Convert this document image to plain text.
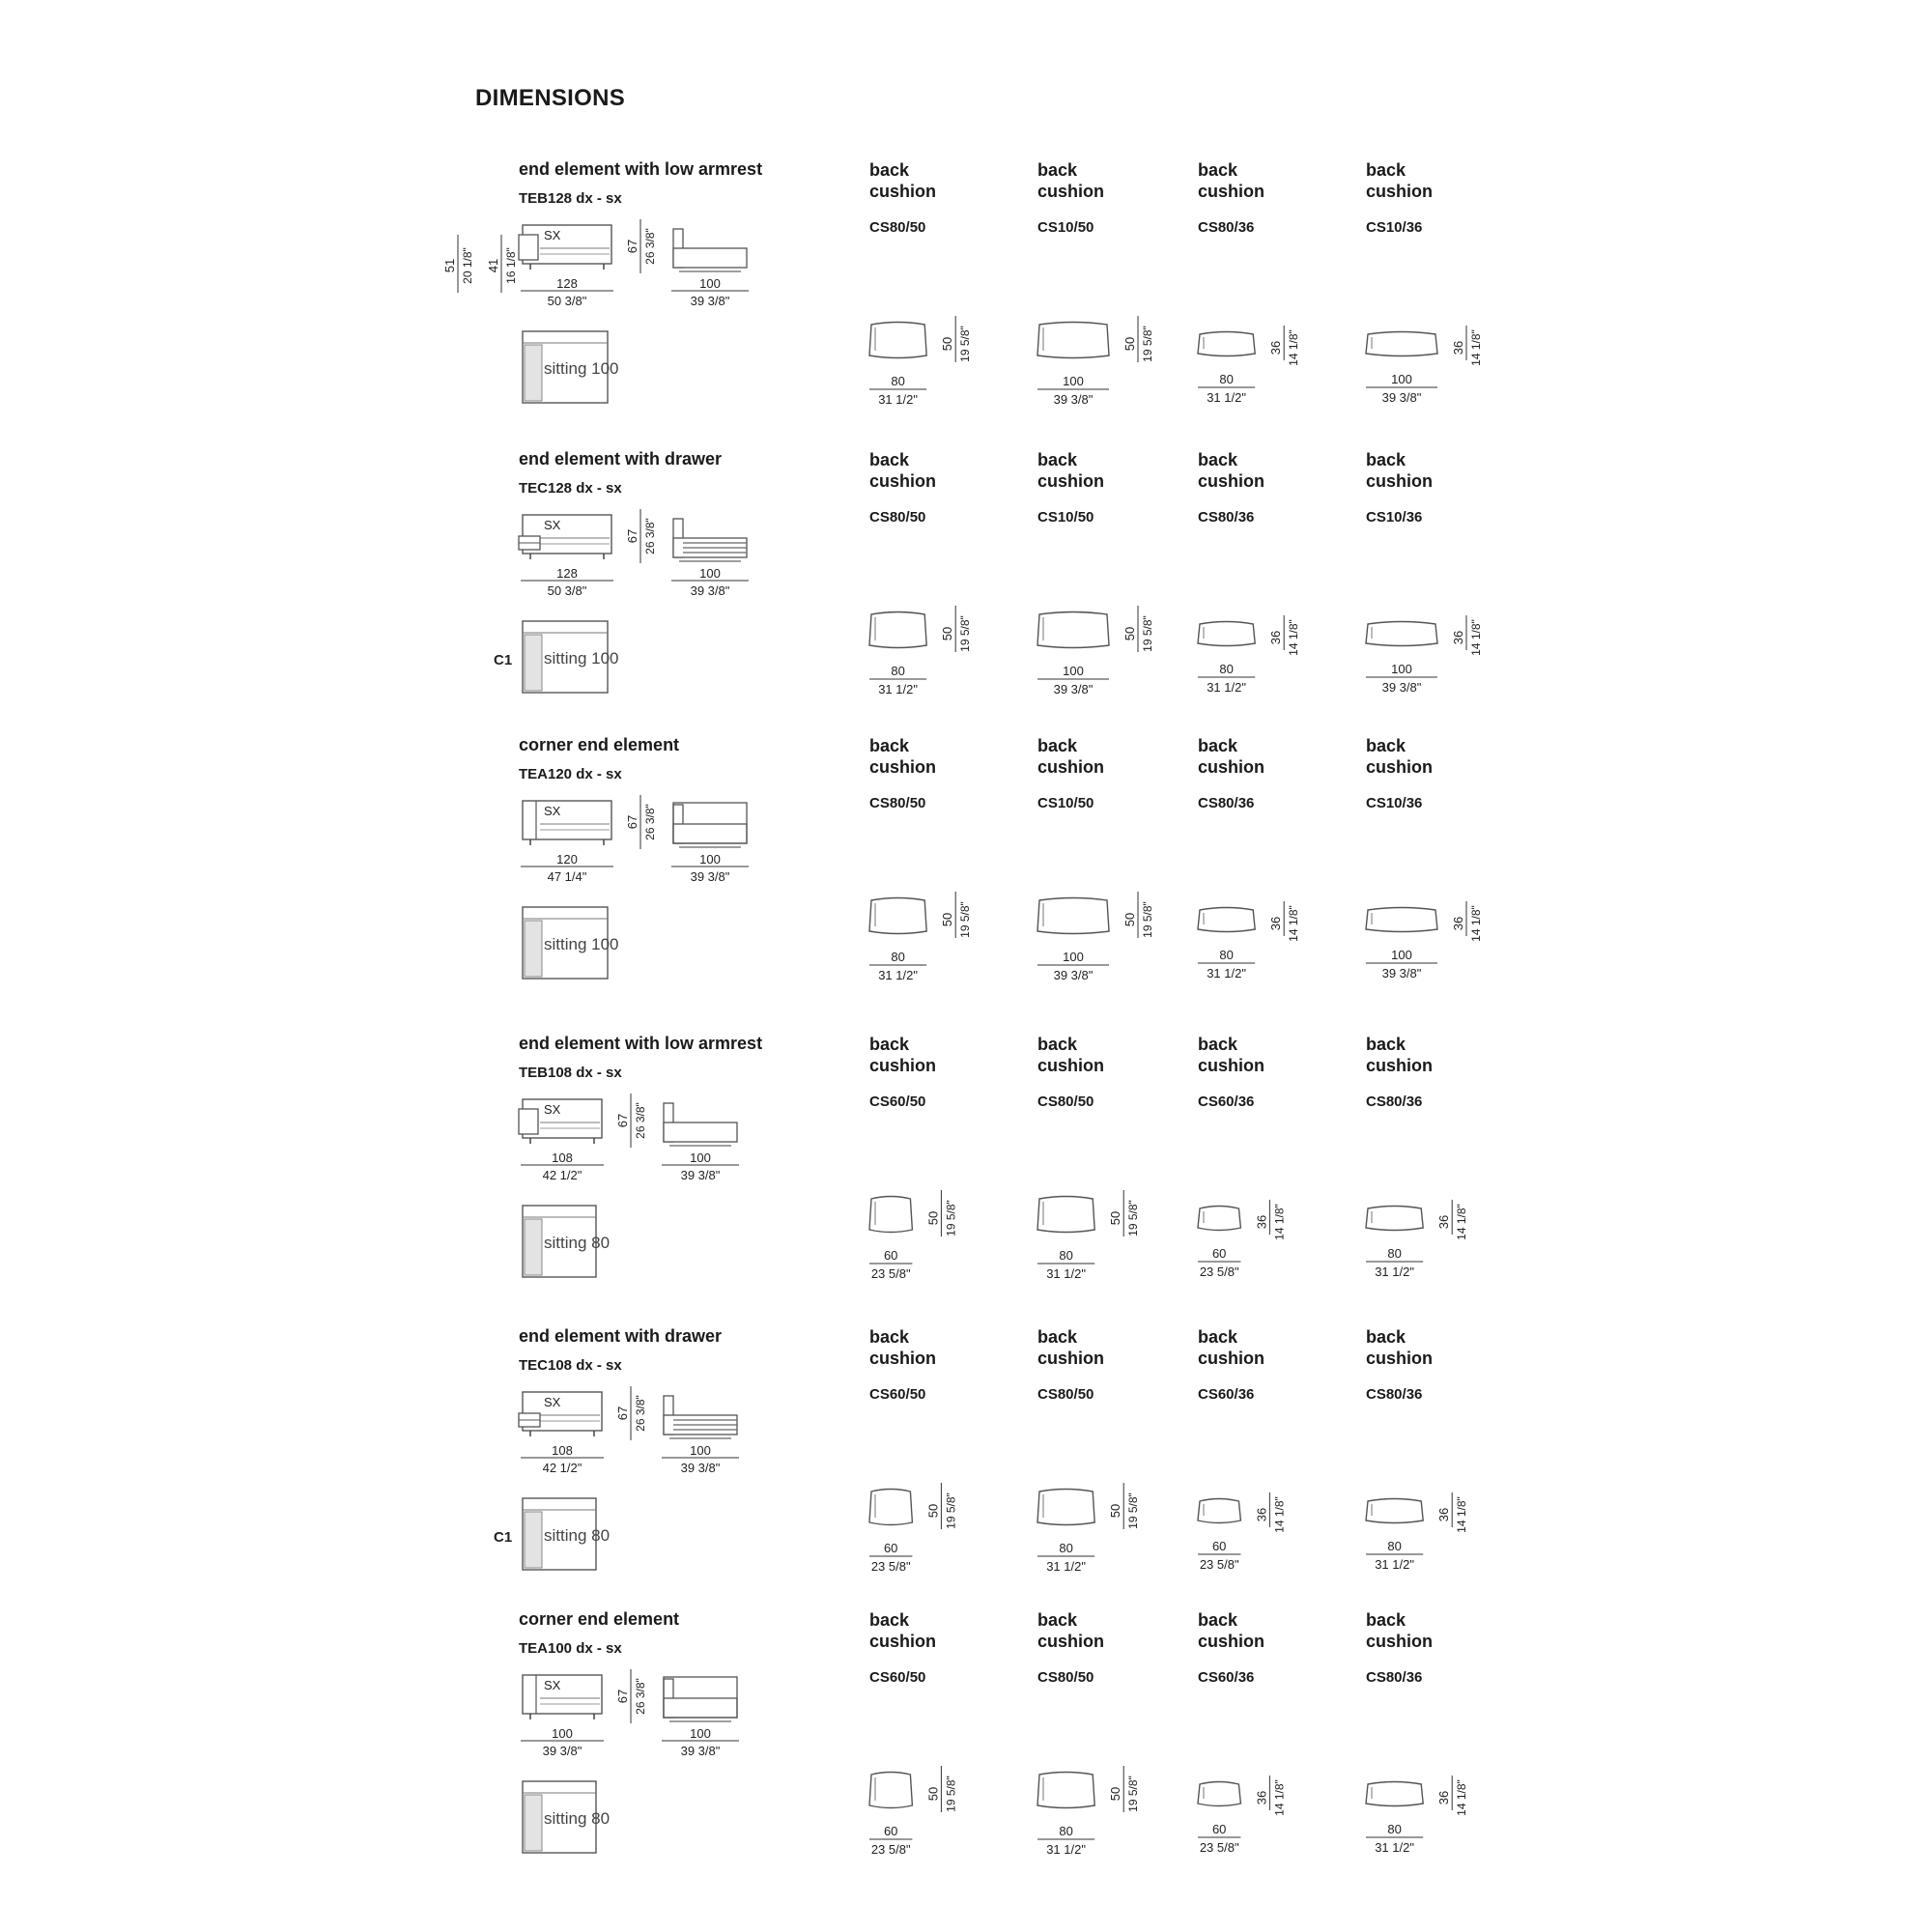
DIMENSIONS
end element with low armrest
TEB128 dx - sx
SX
128
50 3/8"
51 20 1/8" 41 16 1/8"
67 26 3/8"
100
39 3/8"
sitting 100
50 19 5/8"
80
31 1/2"
50 19 5/8"
100
39 3/8"
36 14 1/8"
80
31 1/2"
36 14 1/8"
100
39 3/8"
back
cushion
CS80/50
back
cushion
CS10/50
back
cushion
CS80/36
back
cushion
CS10/36
end element with drawer
TEC128 dx - sx
SX
128
50 3/8"
67 26 3/8"
100
39 3/8"
sitting 100
C1
50 19 5/8"
80
31 1/2"
50 19 5/8"
100
39 3/8"
36 14 1/8"
80
31 1/2"
36 14 1/8"
100
39 3/8"
back
cushion
CS80/50
back
cushion
CS10/50
back
cushion
CS80/36
back
cushion
CS10/36
corner end element
TEA120 dx - sx
SX
120
47 1/4"
67 26 3/8"
100
39 3/8"
sitting 100
50 19 5/8"
80
31 1/2"
50 19 5/8"
100
39 3/8"
36 14 1/8"
80
31 1/2"
36 14 1/8"
100
39 3/8"
back
cushion
CS80/50
back
cushion
CS10/50
back
cushion
CS80/36
back
cushion
CS10/36
end element with low armrest
TEB108 dx - sx
SX
108
42 1/2"
67 26 3/8"
100
39 3/8"
sitting 80
50 19 5/8"
60
23 5/8"
50 19 5/8"
80
31 1/2"
36 14 1/8"
60
23 5/8"
36 14 1/8"
80
31 1/2"
back
cushion
CS60/50
back
cushion
CS80/50
back
cushion
CS60/36
back
cushion
CS80/36
end element with drawer
TEC108 dx - sx
SX
108
42 1/2"
67 26 3/8"
100
39 3/8"
sitting 80
C1
50 19 5/8"
60
23 5/8"
50 19 5/8"
80
31 1/2"
36 14 1/8"
60
23 5/8"
36 14 1/8"
80
31 1/2"
back
cushion
CS60/50
back
cushion
CS80/50
back
cushion
CS60/36
back
cushion
CS80/36
corner end element
TEA100 dx - sx
SX
100
39 3/8"
67 26 3/8"
100
39 3/8"
sitting 80
50 19 5/8"
60
23 5/8"
50 19 5/8"
80
31 1/2"
36 14 1/8"
60
23 5/8"
36 14 1/8"
80
31 1/2"
back
cushion
CS60/50
back
cushion
CS80/50
back
cushion
CS60/36
back
cushion
CS80/36
